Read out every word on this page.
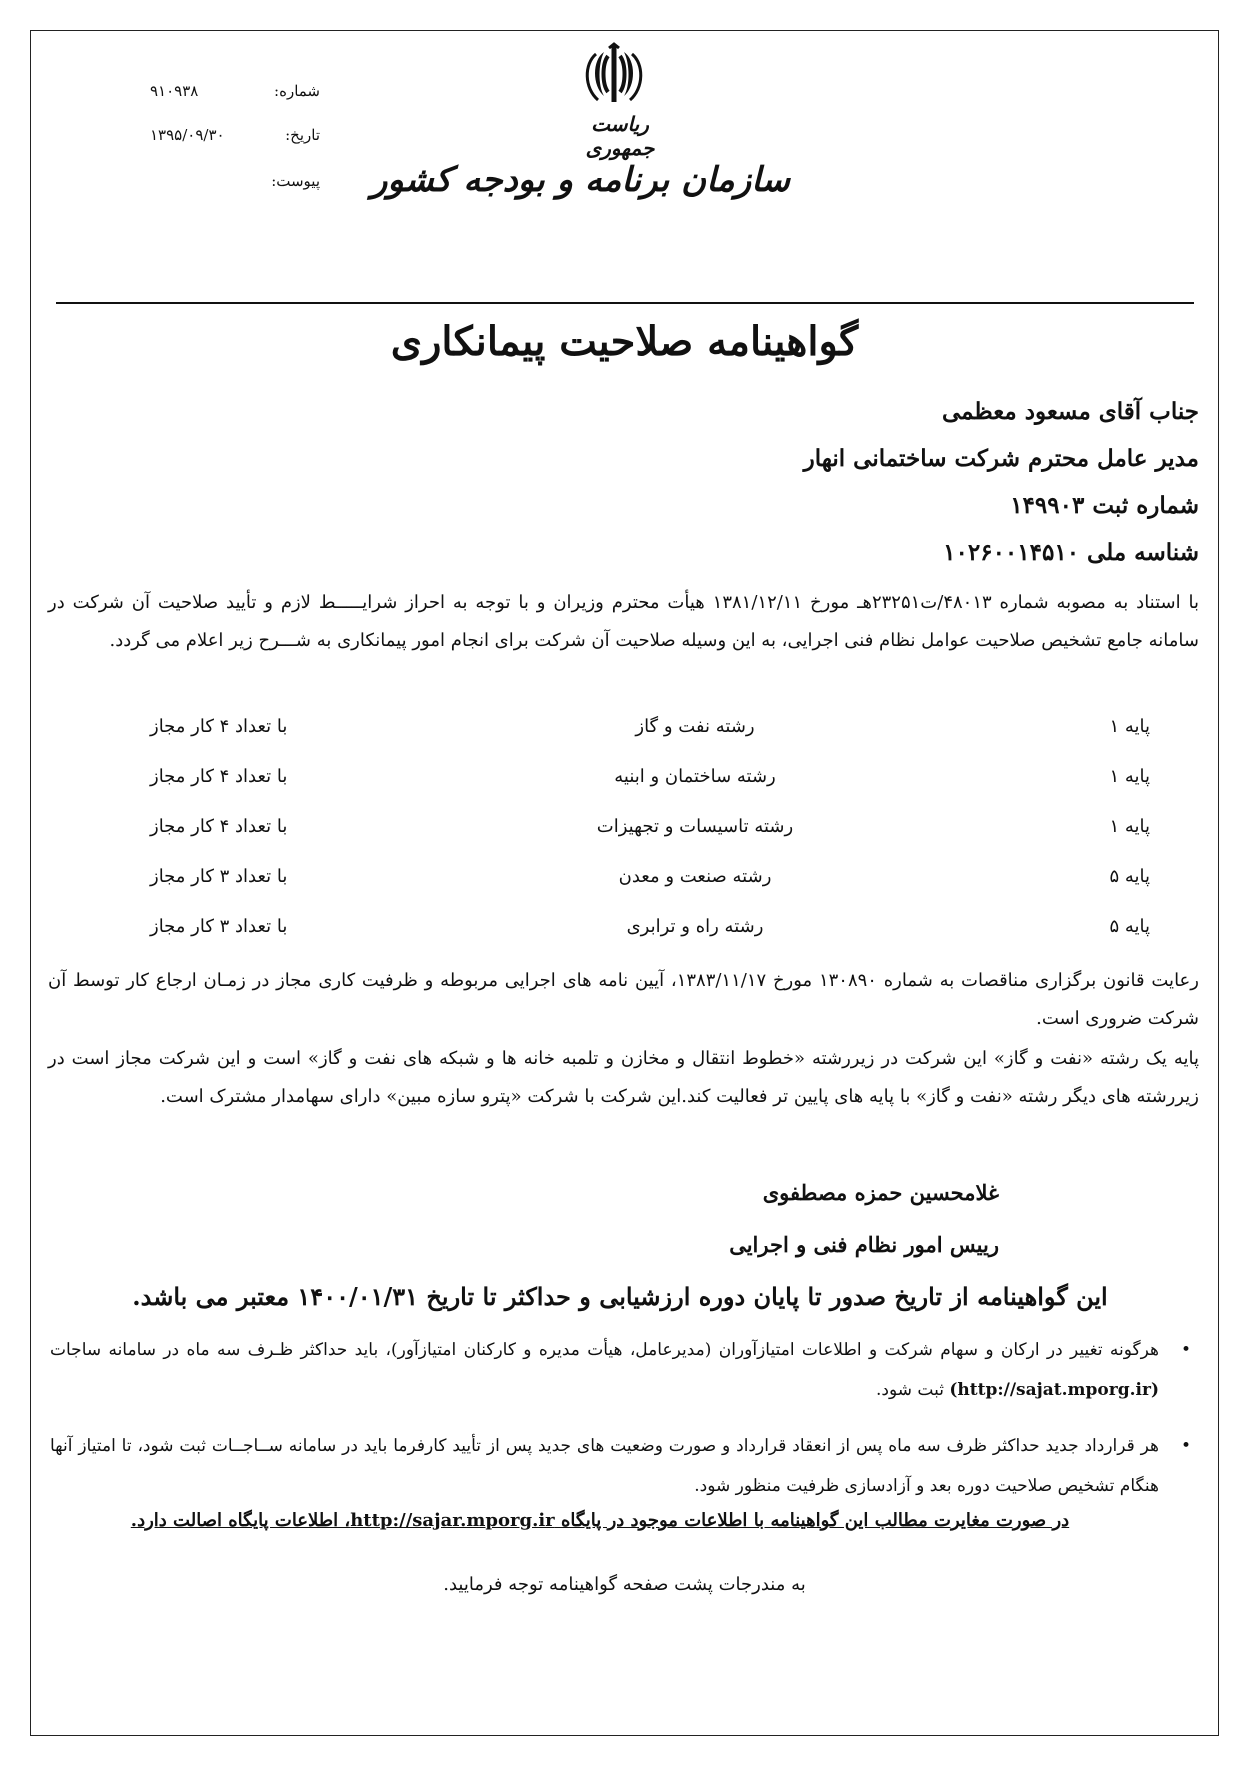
شماره:
۹۱۰۹۳۸
تاریخ:
۱۳۹۵/۰۹/۳۰
پیوست:
ریاست جمهوری
سازمان برنامه و بودجه کشور
گواهینامه صلاحیت پیمانکاری
جناب آقای مسعود معظمی
مدیر عامل محترم شرکت ساختمانی انهار
شماره ثبت ۱۴۹۹۰۳
شناسه ملی ۱۰۲۶۰۰۱۴۵۱۰
با استناد به مصوبه شماره ۴۸۰۱۳/ت۲۳۲۵۱هـ مورخ ۱۳۸۱/۱۲/۱۱ هیأت محترم وزیران و با توجه به احراز شرایـــــط لازم و تأیید صلاحیت آن شرکت در سامانه جامع تشخیص صلاحیت عوامل نظام فنی اجرایی، به این وسیله صلاحیت آن شرکت برای انجام امور پیمانکاری به شـــرح زیر اعلام می گردد.
پایه ۱
رشته نفت و گاز
با تعداد ۴ کار مجاز
پایه ۱
رشته ساختمان و ابنیه
با تعداد ۴ کار مجاز
پایه ۱
رشته تاسیسات و تجهیزات
با تعداد ۴ کار مجاز
پایه ۵
رشته صنعت و معدن
با تعداد ۳ کار مجاز
پایه ۵
رشته راه و ترابری
با تعداد ۳ کار مجاز
رعایت قانون برگزاری مناقصات به شماره ۱۳۰۸۹۰ مورخ ۱۳۸۳/۱۱/۱۷، آیین نامه های اجرایی مربوطه و ظرفیت کاری مجاز در زمـان ارجاع کار توسط آن شرکت ضروری است.
پایه یک رشته «نفت و گاز» این شرکت در زیررشته «خطوط انتقال و مخازن و تلمبه خانه ها و شبکه های نفت و گاز» است و این شرکت مجاز است در زیررشته های دیگر رشته «نفت و گاز» با پایه های پایین تر فعالیت کند.این شرکت با شرکت «پترو سازه مبین» دارای سهامدار مشترک است.
غلامحسین حمزه مصطفوی
رییس امور نظام فنی و اجرایی
این گواهینامه از تاریخ صدور تا پایان دوره ارزشیابی و حداکثر تا تاریخ ۱۴۰۰/۰۱/۳۱ معتبر می باشد.
•
هرگونه تغییر در ارکان و سهام شرکت و اطلاعات امتیازآوران (مدیرعامل، هیأت مدیره و کارکنان امتیازآور)، باید حداکثر ظـرف سه ماه در سامانه ساجات (http://sajat.mporg.ir) ثبت شود.
•
هر قرارداد جدید حداکثر ظرف سه ماه پس از انعقاد قرارداد و صورت وضعیت های جدید پس از تأیید کارفرما باید در سامانه ســاجــات ثبت شود، تا امتیاز آنها هنگام تشخیص صلاحیت دوره بعد و آزادسازی ظرفیت منظور شود.
در صورت مغایرت مطالب این گواهینامه با اطلاعات موجود در پایگاه http://sajar.mporg.ir، اطلاعات پایگاه اصالت دارد.
به مندرجات پشت صفحه گواهینامه توجه فرمایید.
